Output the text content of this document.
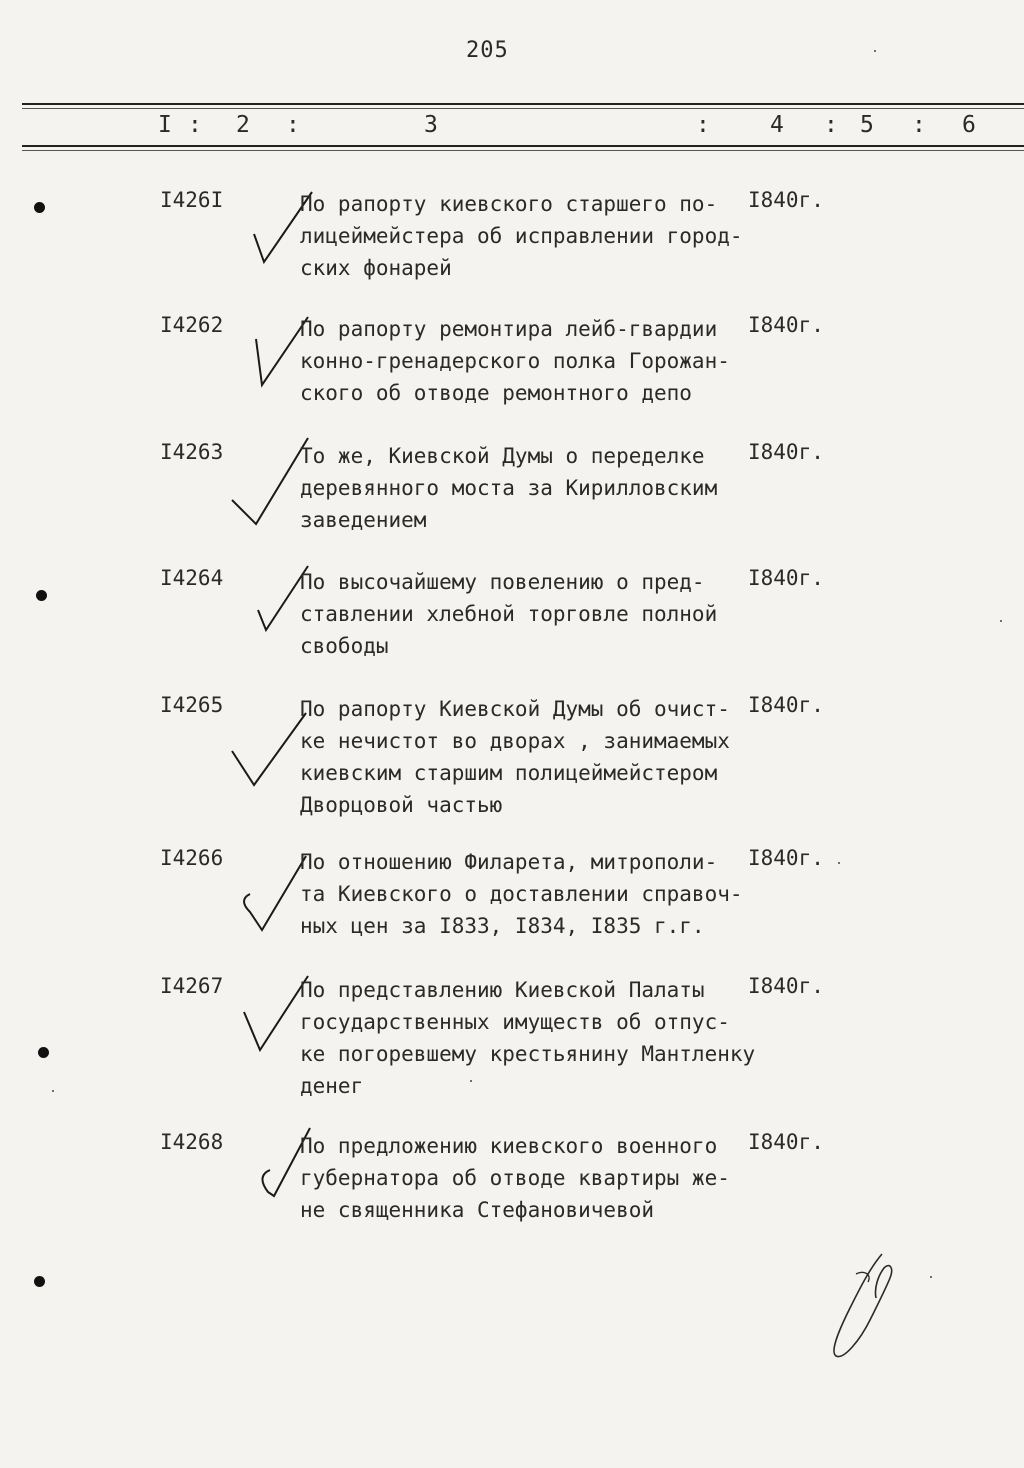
205
I : 2 :	3	:	4 : 5 : 6
I426I	По рапорту киевского старшего по-
лицеймейстера об исправлении город-
ских фонарей
I840г.
I4262	По рапорту ремонтира лейб-гвардии
конно-гренадерского полка Горожан-
ского об отводе ремонтного депо
I840г.
I4263	То же, Киевской Думы о переделке
деревянного моста за Кирилловским
заведением
I840г.
I4264	По высочайшему повелению о пред-
ставлении хлебной торговле полной
свободы
I840г.
I4265	По рапорту Киевской Думы об очист-
ке нечистот во дворах , занимаемых
киевским старшим полицеймейстером
Дворцовой частью
I840г.
I4266	По отношению Филарета, митрополи-
та Киевского о доставлении справоч-
ных цен за I833, I834, I835 г.г.
I840г.
I4267	По представлению Киевской Палаты
государственных имуществ об отпус-
ке погоревшему крестьянину Мантленку
денег
I840г.
I4268	По предложению киевского военного
губернатора об отводе квартиры же-
не священника Стефановичевой
I840г.
